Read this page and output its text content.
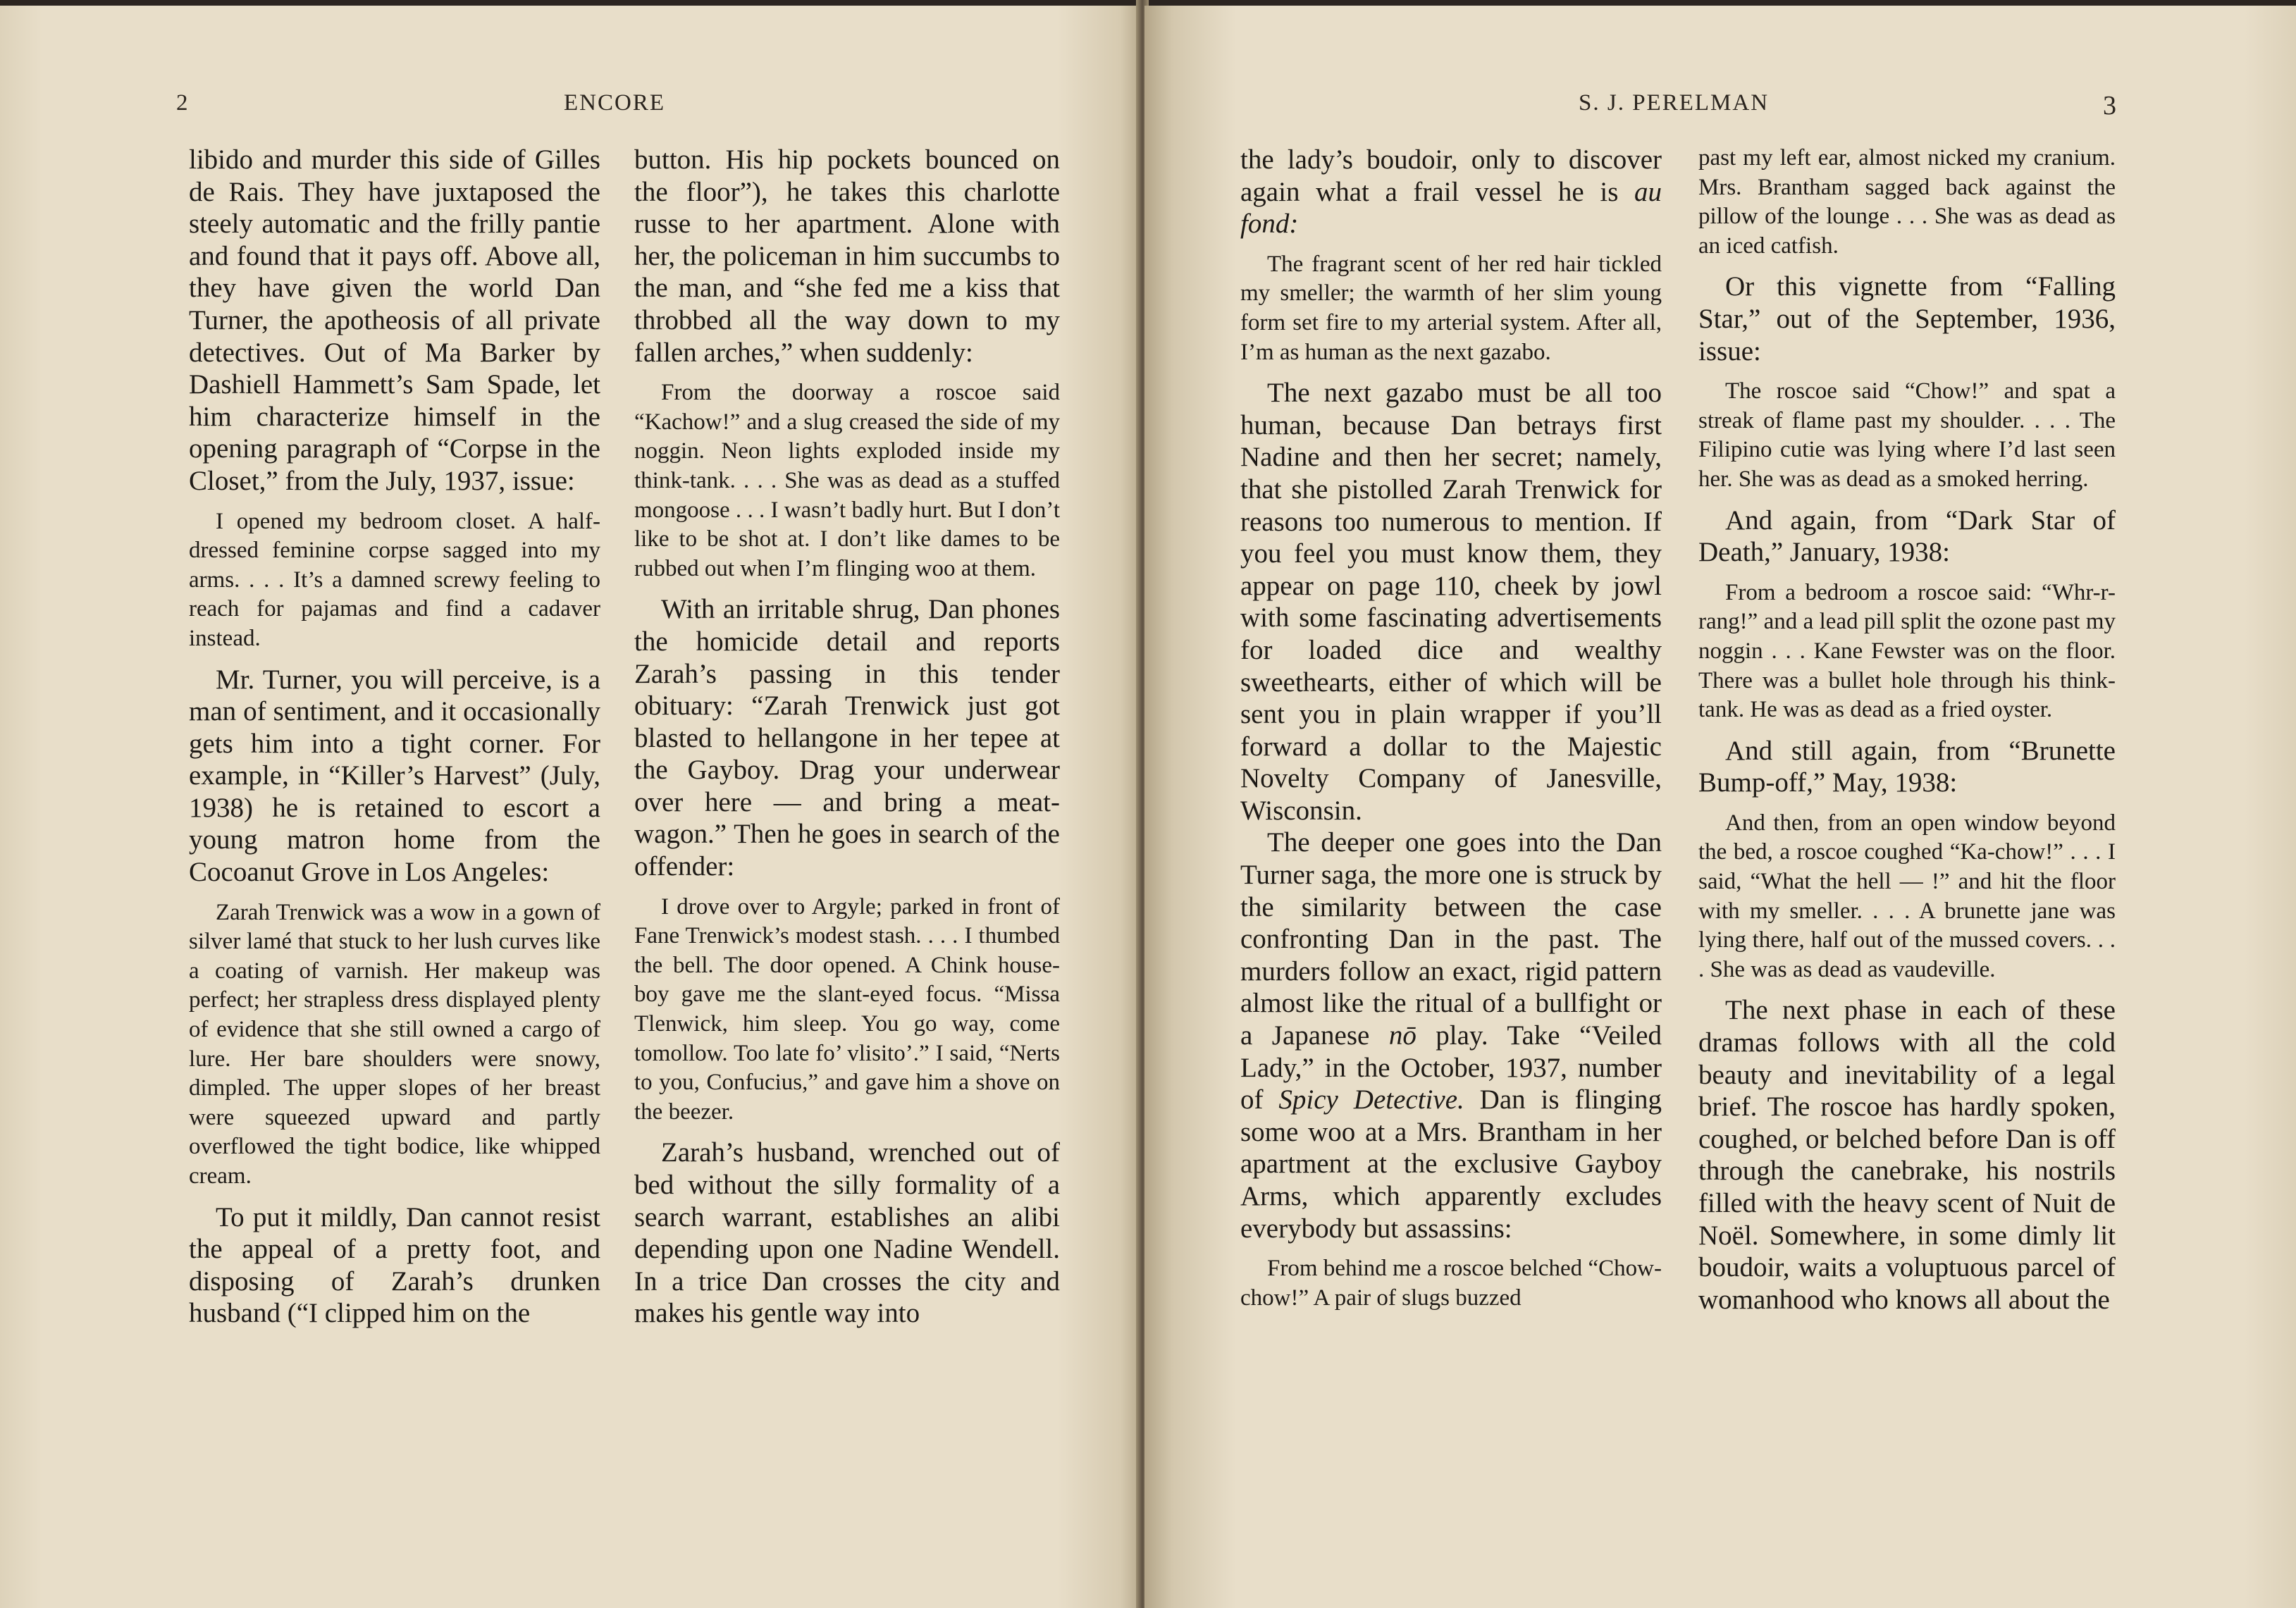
2	ENCORE

libido and murder this side of Gilles de Rais. They have juxtaposed the steely automatic and the frilly pantie and found that it pays off. Above all, they have given the world Dan Turner, the apotheosis of all private detectives. Out of Ma Barker by Dashiell Hammett’s Sam Spade, let him characterize himself in the opening paragraph of “Corpse in the Closet,” from the July, 1937, issue:

I opened my bedroom closet. A half-dressed feminine corpse sagged into my arms. . . . It’s a damned screwy feeling to reach for pajamas and find a cadaver instead.

Mr. Turner, you will perceive, is a man of sentiment, and it occasionally gets him into a tight corner. For example, in “Killer’s Harvest” (July, 1938) he is retained to escort a young matron home from the Cocoanut Grove in Los Angeles:

Zarah Trenwick was a wow in a gown of silver lamé that stuck to her lush curves like a coating of varnish. Her makeup was perfect; her strapless dress displayed plenty of evidence that she still owned a cargo of lure. Her bare shoulders were snowy, dimpled. The upper slopes of her breast were squeezed upward and partly overflowed the tight bodice, like whipped cream.

To put it mildly, Dan cannot resist the appeal of a pretty foot, and disposing of Zarah’s drunken husband (“I clipped him on the

button. His hip pockets bounced on the floor”), he takes this charlotte russe to her apartment. Alone with her, the policeman in him succumbs to the man, and “she fed me a kiss that throbbed all the way down to my fallen arches,” when suddenly:

From the doorway a roscoe said “Kachow!” and a slug creased the side of my noggin. Neon lights exploded inside my think-tank. . . . She was as dead as a stuffed mongoose . . . I wasn’t badly hurt. But I don’t like to be shot at. I don’t like dames to be rubbed out when I’m flinging woo at them.

With an irritable shrug, Dan phones the homicide detail and reports Zarah’s passing in this tender obituary: “Zarah Trenwick just got blasted to hellangone in her tepee at the Gayboy. Drag your underwear over here — and bring a meat-wagon.” Then he goes in search of the offender:

I drove over to Argyle; parked in front of Fane Trenwick’s modest stash. . . . I thumbed the bell. The door opened. A Chink house-boy gave me the slant-eyed focus. “Missa Tlenwick, him sleep. You go way, come tomollow. Too late fo’ vlisito’.” I said, “Nerts to you, Confucius,” and gave him a shove on the beezer.

Zarah’s husband, wrenched out of bed without the silly formality of a search warrant, establishes an alibi depending upon one Nadine Wendell. In a trice Dan crosses the city and makes his gentle way into

S. J. PERELMAN	3

the lady’s boudoir, only to discover again what a frail vessel he is au fond:

The fragrant scent of her red hair tickled my smeller; the warmth of her slim young form set fire to my arterial system. After all, I’m as human as the next gazabo.

The next gazabo must be all too human, because Dan betrays first Nadine and then her secret; namely, that she pistolled Zarah Trenwick for reasons too numerous to mention. If you feel you must know them, they appear on page 110, cheek by jowl with some fascinating advertisements for loaded dice and wealthy sweethearts, either of which will be sent you in plain wrapper if you’ll forward a dollar to the Majestic Novelty Company of Janesville, Wisconsin.

The deeper one goes into the Dan Turner saga, the more one is struck by the similarity between the case confronting Dan in the past. The murders follow an exact, rigid pattern almost like the ritual of a bullfight or a Japanese nō play. Take “Veiled Lady,” in the October, 1937, number of Spicy Detective. Dan is flinging some woo at a Mrs. Brantham in her apartment at the exclusive Gayboy Arms, which apparently excludes everybody but assassins:

From behind me a roscoe belched “Chow-chow!” A pair of slugs buzzed

past my left ear, almost nicked my cranium. Mrs. Brantham sagged back against the pillow of the lounge . . . She was as dead as an iced catfish.

Or this vignette from “Falling Star,” out of the September, 1936, issue:

The roscoe said “Chow!” and spat a streak of flame past my shoulder. . . . The Filipino cutie was lying where I’d last seen her. She was as dead as a smoked herring.

And again, from “Dark Star of Death,” January, 1938:

From a bedroom a roscoe said: “Whr-r-rang!” and a lead pill split the ozone past my noggin . . . Kane Fewster was on the floor. There was a bullet hole through his think-tank. He was as dead as a fried oyster.

And still again, from “Brunette Bump-off,” May, 1938:

And then, from an open window beyond the bed, a roscoe coughed “Ka-chow!” . . . I said, “What the hell — !” and hit the floor with my smeller. . . . A brunette jane was lying there, half out of the mussed covers. . . . She was as dead as vaudeville.

The next phase in each of these dramas follows with all the cold beauty and inevitability of a legal brief. The roscoe has hardly spoken, coughed, or belched before Dan is off through the canebrake, his nostrils filled with the heavy scent of Nuit de Noël. Somewhere, in some dimly lit boudoir, waits a voluptuous parcel of womanhood who knows all about the
